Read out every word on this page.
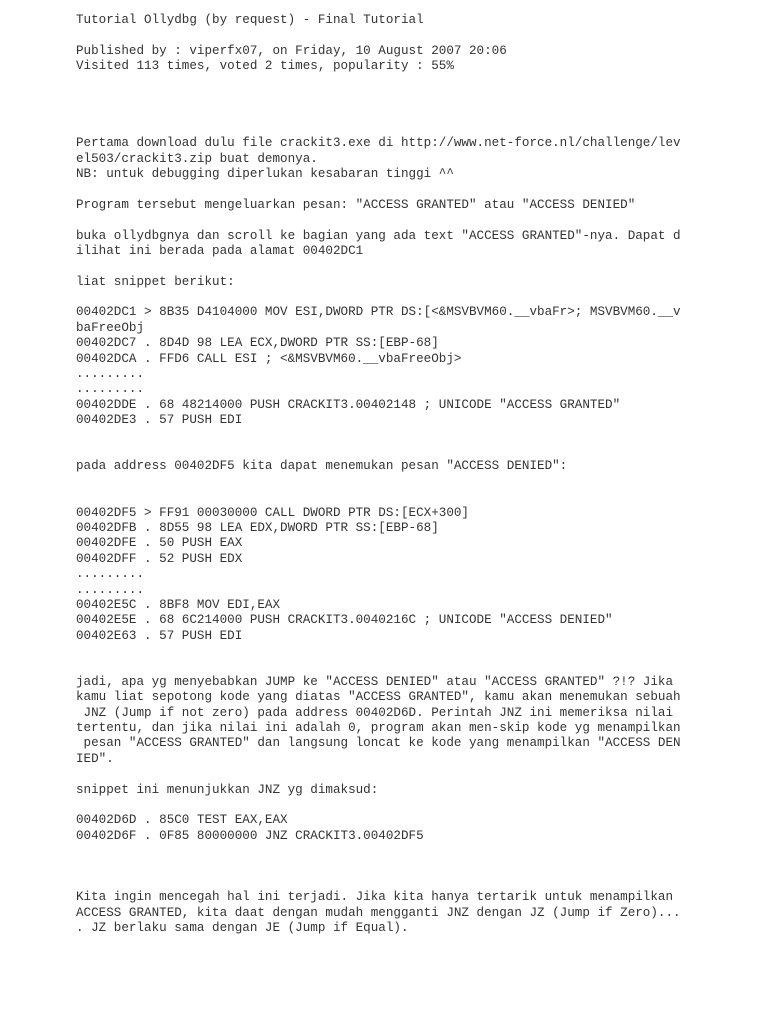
Tutorial Ollydbg (by request) - Final Tutorial
Published by : viperfx07, on Friday, 10 August 2007 20:06
Visited 113 times, voted 2 times, popularity : 55%
Pertama download dulu file crackit3.exe di http://www.net-force.nl/challenge/lev
el503/crackit3.zip buat demonya.
NB: untuk debugging diperlukan kesabaran tinggi ^^
Program tersebut mengeluarkan pesan: "ACCESS GRANTED" atau "ACCESS DENIED"
buka ollydbgnya dan scroll ke bagian yang ada text "ACCESS GRANTED"-nya. Dapat d
ilihat ini berada pada alamat 00402DC1
liat snippet berikut:
00402DC1 > 8B35 D4104000 MOV ESI,DWORD PTR DS:[<&MSVBVM60.__vbaFr>; MSVBVM60.__v
baFreeObj
00402DC7 . 8D4D 98 LEA ECX,DWORD PTR SS:[EBP-68]
00402DCA . FFD6 CALL ESI ; <&MSVBVM60.__vbaFreeObj>
.........
.........
00402DDE . 68 48214000 PUSH CRACKIT3.00402148 ; UNICODE "ACCESS GRANTED"
00402DE3 . 57 PUSH EDI
pada address 00402DF5 kita dapat menemukan pesan "ACCESS DENIED":
00402DF5 > FF91 00030000 CALL DWORD PTR DS:[ECX+300]
00402DFB . 8D55 98 LEA EDX,DWORD PTR SS:[EBP-68]
00402DFE . 50 PUSH EAX
00402DFF . 52 PUSH EDX
.........
.........
00402E5C . 8BF8 MOV EDI,EAX
00402E5E . 68 6C214000 PUSH CRACKIT3.0040216C ; UNICODE "ACCESS DENIED"
00402E63 . 57 PUSH EDI
jadi, apa yg menyebabkan JUMP ke "ACCESS DENIED" atau "ACCESS GRANTED" ?!? Jika
kamu liat sepotong kode yang diatas "ACCESS GRANTED", kamu akan menemukan sebuah
JNZ (Jump if not zero) pada address 00402D6D. Perintah JNZ ini memeriksa nilai
tertentu, dan jika nilai ini adalah 0, program akan men-skip kode yg menampilkan
pesan "ACCESS GRANTED" dan langsung loncat ke kode yang menampilkan "ACCESS DEN
IED".
snippet ini menunjukkan JNZ yg dimaksud:
00402D6D . 85C0 TEST EAX,EAX
00402D6F . 0F85 80000000 JNZ CRACKIT3.00402DF5
Kita ingin mencegah hal ini terjadi. Jika kita hanya tertarik untuk menampilkan
ACCESS GRANTED, kita daat dengan mudah mengganti JNZ dengan JZ (Jump if Zero)...
. JZ berlaku sama dengan JE (Jump if Equal).
